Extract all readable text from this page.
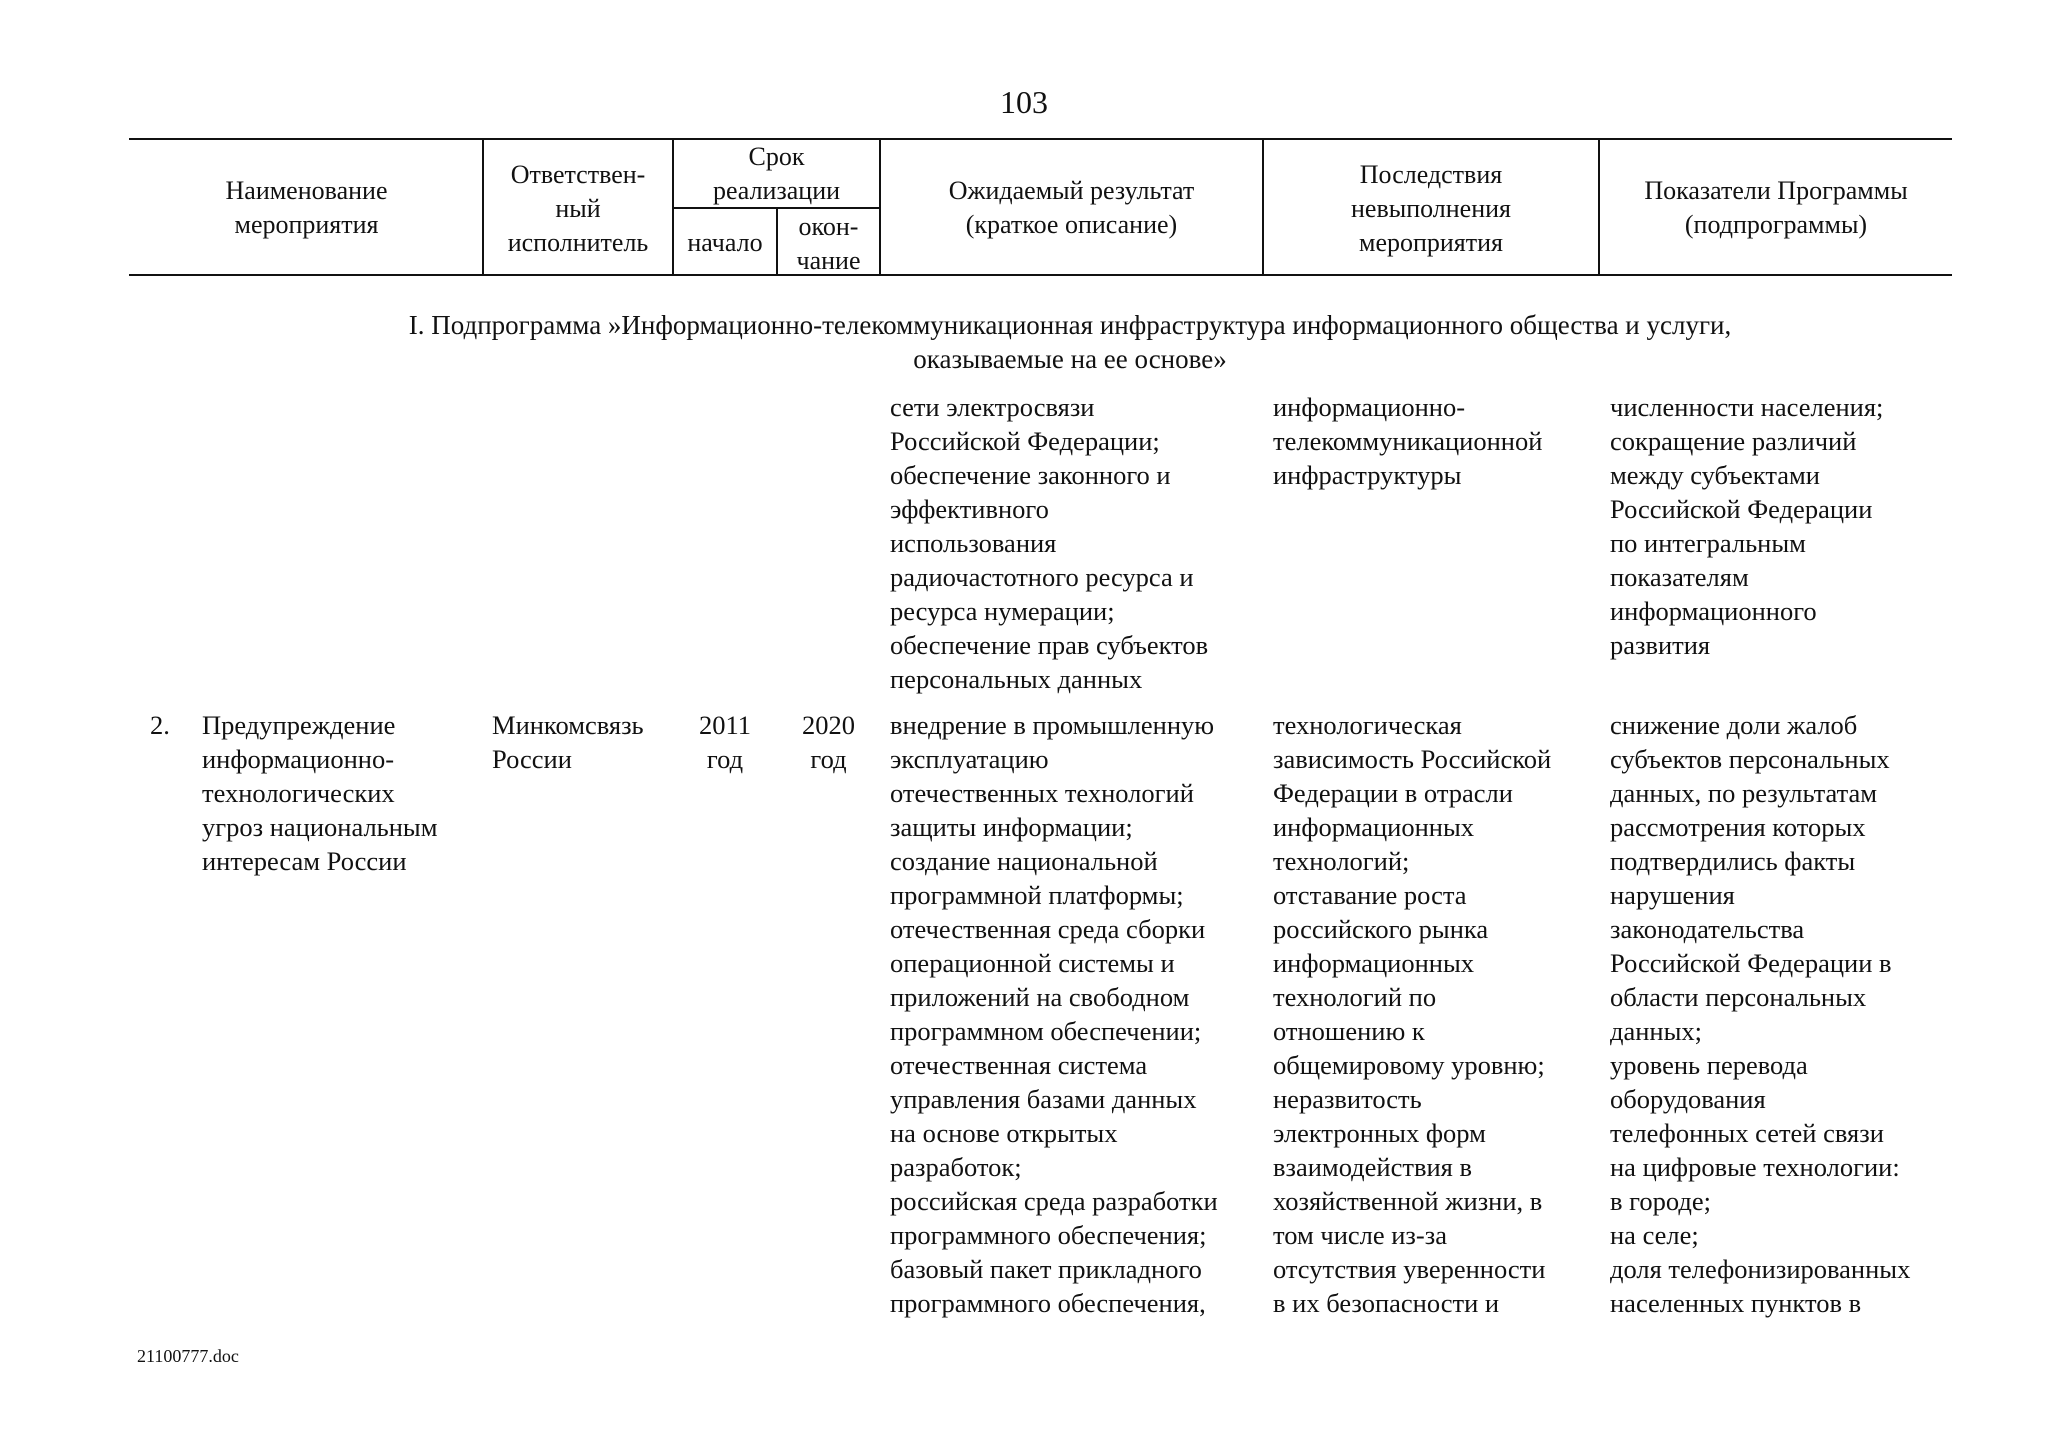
103
Наименование
мероприятия
Ответствен-
ный
исполнитель
Срок
реализации
начало
окон-
чание
Ожидаемый результат
(краткое описание)
Последствия
невыполнения
мероприятия
Показатели Программы
(подпрограммы)
I. Подпрограмма »Информационно-телекоммуникационная инфраструктура информационного общества и услуги,
оказываемые на ее основе»
сети электросвязи
Российской Федерации;
обеспечение законного и
эффективного
использования
радиочастотного ресурса и
ресурса нумерации;
обеспечение прав субъектов
персональных данных
информационно-
телекоммуникационной
инфраструктуры
численности населения;
сокращение различий
между субъектами
Российской Федерации
по интегральным
показателям
информационного
развития
2.	Предупреждение
информационно-
технологических
угроз национальным
интересам России
Минкомсвязь
России
2011
год
2020
год
внедрение в промышленную
эксплуатацию
отечественных технологий
защиты информации;
создание национальной
программной платформы;
отечественная среда сборки
операционной системы и
приложений на свободном
программном обеспечении;
отечественная система
управления базами данных
на основе открытых
разработок;
российская среда разработки
программного обеспечения;
базовый пакет прикладного
программного обеспечения,
технологическая
зависимость Российской
Федерации в отрасли
информационных
технологий;
отставание роста
российского рынка
информационных
технологий по
отношению к
общемировому уровню;
неразвитость
электронных форм
взаимодействия в
хозяйственной жизни, в
том числе из-за
отсутствия уверенности
в их безопасности и
снижение доли жалоб
субъектов персональных
данных, по результатам
рассмотрения которых
подтвердились факты
нарушения
законодательства
Российской Федерации в
области персональных
данных;
уровень перевода
оборудования
телефонных сетей связи
на цифровые технологии:
в городе;
на селе;
доля телефонизированных
населенных пунктов в
21100777.doc
